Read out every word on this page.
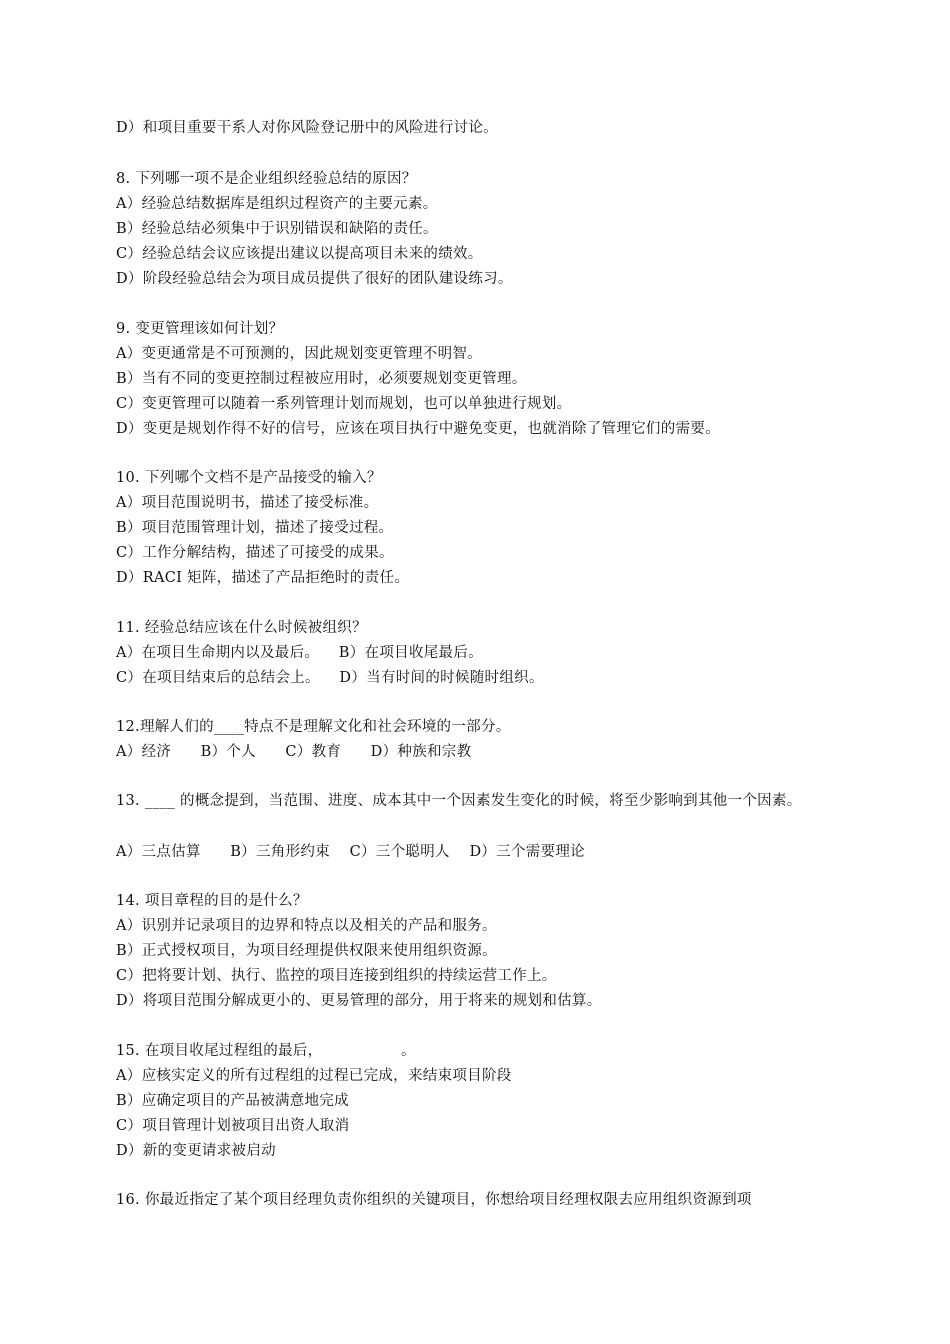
D）和项目重要干系人对你风险登记册中的风险进行讨论。
8. 下列哪一项不是企业组织经验总结的原因？
A）经验总结数据库是组织过程资产的主要元素。
B）经验总结必须集中于识别错误和缺陷的责任。
C）经验总结会议应该提出建议以提高项目未来的绩效。
D）阶段经验总结会为项目成员提供了很好的团队建设练习。
9. 变更管理该如何计划？
A）变更通常是不可预测的，因此规划变更管理不明智。
B）当有不同的变更控制过程被应用时，必须要规划变更管理。
C）变更管理可以随着一系列管理计划而规划，也可以单独进行规划。
D）变更是规划作得不好的信号，应该在项目执行中避免变更，也就消除了管理它们的需要。
10. 下列哪个文档不是产品接受的输入？
A）项目范围说明书，描述了接受标准。
B）项目范围管理计划，描述了接受过程。
C）工作分解结构，描述了可接受的成果。
D）RACI 矩阵，描述了产品拒绝时的责任。
11. 经验总结应该在什么时候被组织？
A）在项目生命期内以及最后。    B）在项目收尾最后。
C）在项目结束后的总结会上。    D）当有时间的时候随时组织。
12.理解人们的____特点不是理解文化和社会环境的一部分。
A）经济      B）个人      C）教育      D）种族和宗教
13. ____ 的概念提到，当范围、进度、成本其中一个因素发生变化的时候，将至少影响到其他一个因素。
A）三点估算      B）三角形约束    C）三个聪明人    D）三个需要理论
14. 项目章程的目的是什么？
A）识别并记录项目的边界和特点以及相关的产品和服务。
B）正式授权项目，为项目经理提供权限来使用组织资源。
C）把将要计划、执行、监控的项目连接到组织的持续运营工作上。
D）将项目范围分解成更小的、更易管理的部分，用于将来的规划和估算。
15. 在项目收尾过程组的最后，                。
A）应核实定义的所有过程组的过程已完成，来结束项目阶段
B）应确定项目的产品被满意地完成
C）项目管理计划被项目出资人取消
D）新的变更请求被启动
16. 你最近指定了某个项目经理负责你组织的关键项目，你想给项目经理权限去应用组织资源到项
